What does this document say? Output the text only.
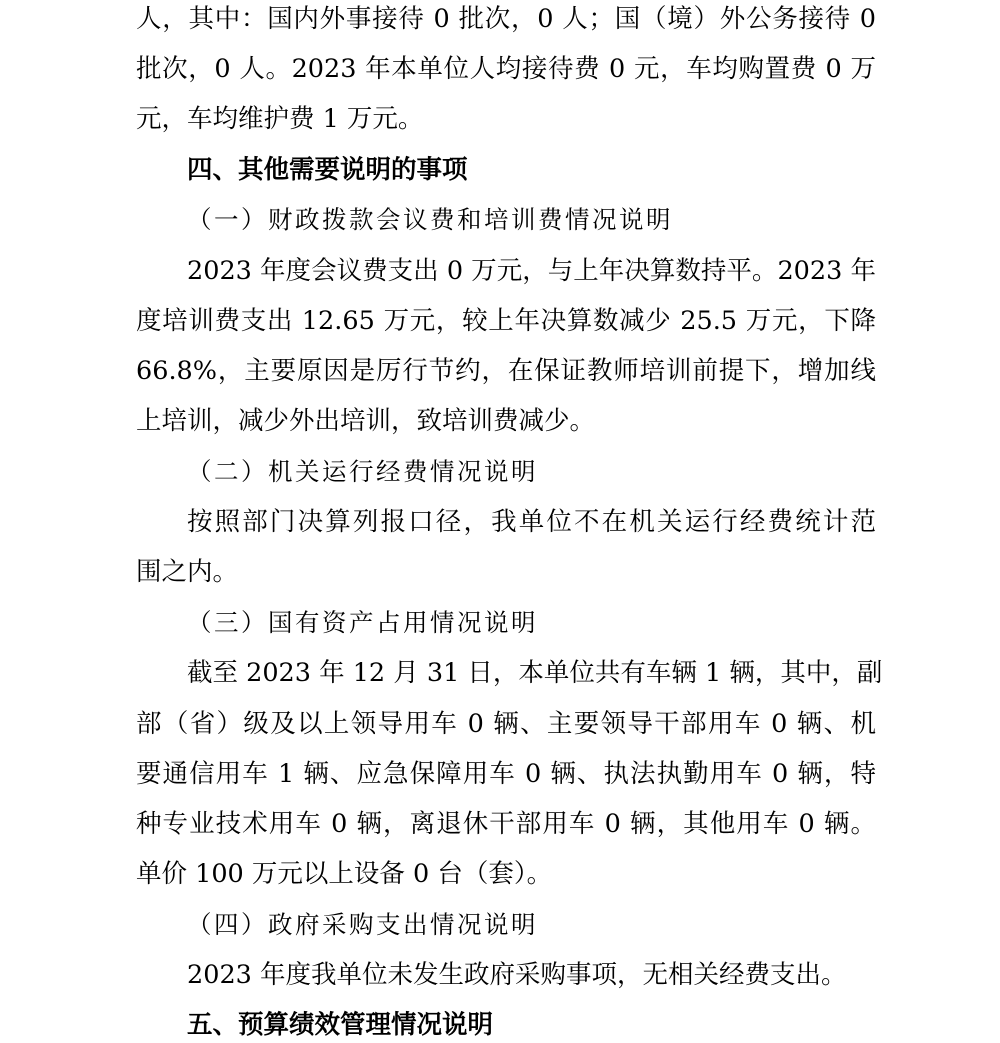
人，其中：国内外事接待 0 批次，0 人；国（境）外公务接待 0
批次，0 人。2023 年本单位人均接待费 0 元，车均购置费 0 万
元，车均维护费 1 万元。
四、其他需要说明的事项
（一）财政拨款会议费和培训费情况说明
2023 年度会议费支出 0 万元，与上年决算数持平。2023 年
度培训费支出 12.65 万元，较上年决算数减少 25.5 万元，下降
66.8%，主要原因是厉行节约，在保证教师培训前提下，增加线
上培训，减少外出培训，致培训费减少。
（二）机关运行经费情况说明
按照部门决算列报口径，我单位不在机关运行经费统计范
围之内。
（三）国有资产占用情况说明
截至 2023 年 12 月 31 日，本单位共有车辆 1 辆，其中，副
部（省）级及以上领导用车 0 辆、主要领导干部用车 0 辆、机
要通信用车 1 辆、应急保障用车 0 辆、执法执勤用车 0 辆，特
种专业技术用车 0 辆，离退休干部用车 0 辆，其他用车 0 辆。
单价 100 万元以上设备 0 台（套）。
（四）政府采购支出情况说明
2023 年度我单位未发生政府采购事项，无相关经费支出。
五、预算绩效管理情况说明
